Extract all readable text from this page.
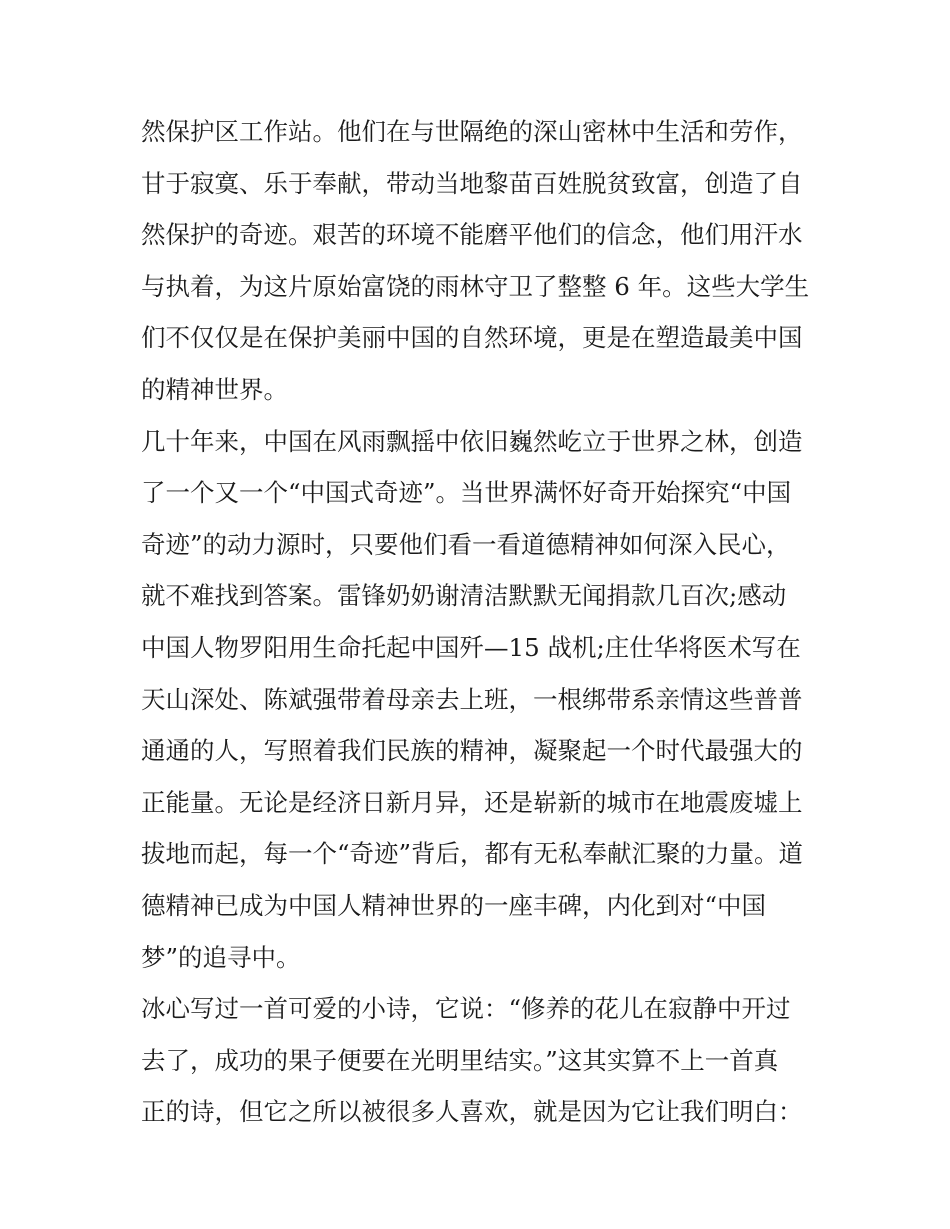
然保护区工作站。他们在与世隔绝的深山密林中生活和劳作，
甘于寂寞、乐于奉献，带动当地黎苗百姓脱贫致富，创造了自
然保护的奇迹。艰苦的环境不能磨平他们的信念，他们用汗水
与执着，为这片原始富饶的雨林守卫了整整 6 年。这些大学生
们不仅仅是在保护美丽中国的自然环境，更是在塑造最美中国
的精神世界。
几十年来，中国在风雨飘摇中依旧巍然屹立于世界之林，创造
了一个又一个“中国式奇迹”。当世界满怀好奇开始探究“中国
奇迹”的动力源时，只要他们看一看道德精神如何深入民心，
就不难找到答案。雷锋奶奶谢清洁默默无闻捐款几百次;感动
中国人物罗阳用生命托起中国歼—15 战机;庄仕华将医术写在
天山深处、陈斌强带着母亲去上班，一根绑带系亲情这些普普
通通的人，写照着我们民族的精神，凝聚起一个时代最强大的
正能量。无论是经济日新月异，还是崭新的城市在地震废墟上
拔地而起，每一个“奇迹”背后，都有无私奉献汇聚的力量。道
德精神已成为中国人精神世界的一座丰碑，内化到对“中国
梦”的追寻中。
冰心写过一首可爱的小诗，它说：“修养的花儿在寂静中开过
去了，成功的果子便要在光明里结实。”这其实算不上一首真
正的诗，但它之所以被很多人喜欢，就是因为它让我们明白：
